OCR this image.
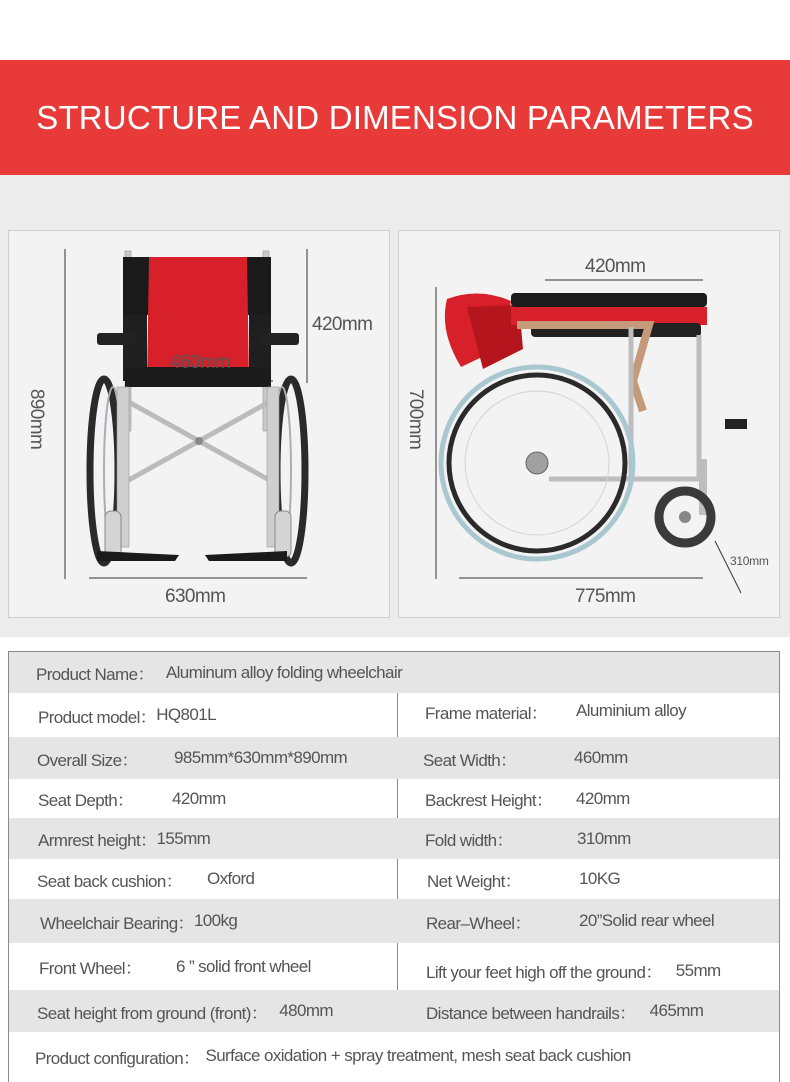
STRUCTURE AND DIMENSION PARAMETERS
890mm
420mm
460mm
630mm
420mm
700mm
775mm
310mm
Product Name： Aluminum alloy folding wheelchair
Product model： HQ801L	Frame material： Aluminium alloy
Overall Size： 985mm*630mm*890mm	Seat Width：	460mm
Seat Depth： 420mm	Backrest Height： 420mm
Armrest height： 155mm	Fold width：	310mm
Seat back cushion： Oxford	Net Weight：	10KG
Wheelchair Bearing： 100kg	Rear–Wheel：	20”Solid rear wheel
Front Wheel： 6 ” solid front wheel	Lift your feet high off the ground： 55mm
Seat height from ground (front)： 480mm	Distance between handrails： 465mm
Product configuration： Surface oxidation + spray treatment, mesh seat back cushion
